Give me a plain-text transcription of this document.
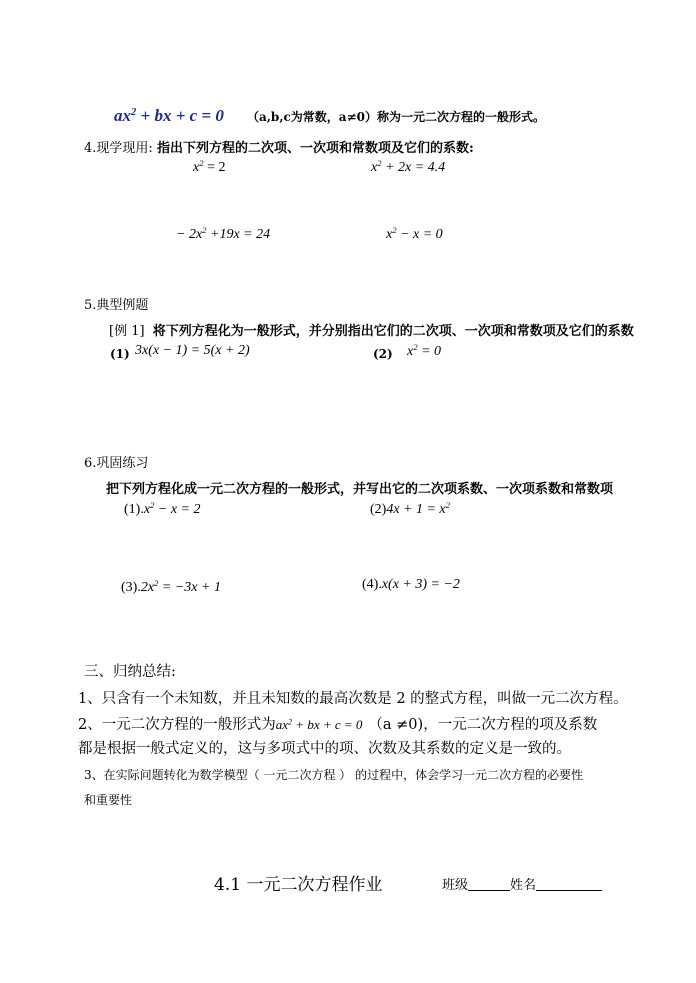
$ax^2$ + bx + c = 0 （a,b,c为常数，a≠0）称为一元二次方程的一般形式。
4.现学现用: 指出下列方程的二次项、一次项和常数项及它们的系数:
$x^2 = 2$	$x^2 + 2x = 4.4$
− $2x^2 +19x = 24$	$x^2 - x = 0$
5.典型例题
[例 1] 将下列方程化为一般形式，并分别指出它们的二次项、一次项和常数项及它们的系数
(1) 3x(x − 1) = 5(x + 2)	(2) $x^2 = 0$
6.巩固练习
把下列方程化成一元二次方程的一般形式，并写出它的二次项系数、一次项系数和常数项
$(1).x^2 - x = 2$	$(2)4x + 1 = x^2$
$(3).2x^2 = -3x + 1$	(4).x(x + 3) = −2
三、归纳总结:
1、只含有一个未知数，并且未知数的最高次数是 2 的整式方程，叫做一元二次方程。
2、一元二次方程的一般形式为$ax^2$ + bx + c = 0 （a ≠0)，一元二次方程的项及系数
都是根据一般式定义的，这与多项式中的项、次数及其系数的定义是一致的。
3、在实际问题转化为数学模型（ 一元二次方程 ） 的过程中，体会学习一元二次方程的必要性
和重要性
4.1 一元二次方程作业	班级	姓名
